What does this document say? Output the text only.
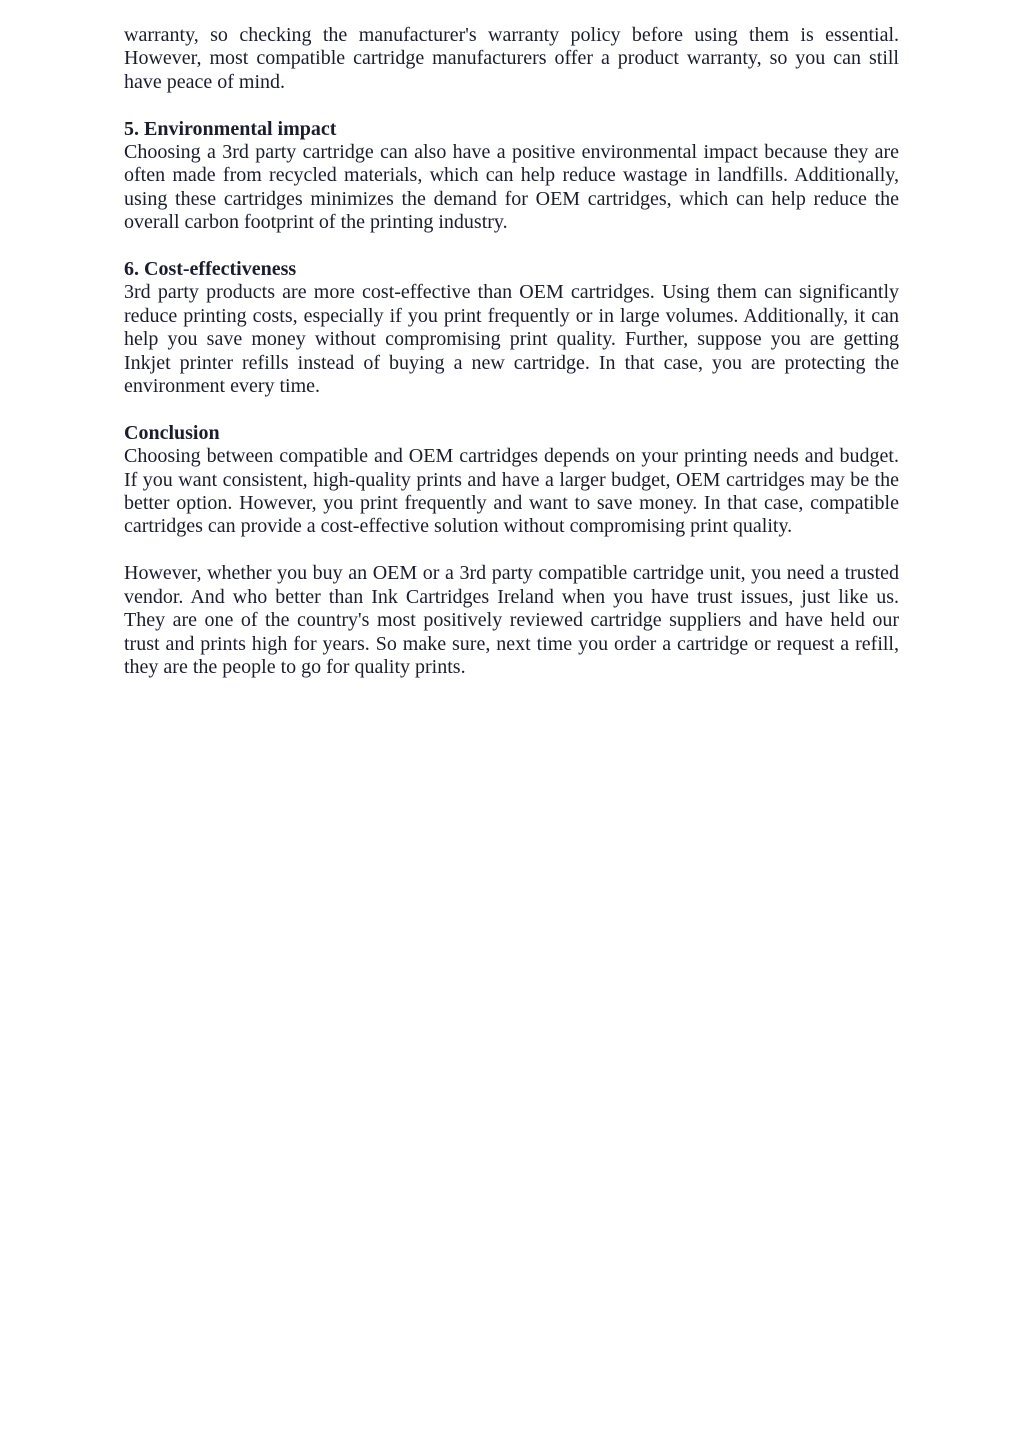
warranty, so checking the manufacturer's warranty policy before using them is essential. However, most compatible cartridge manufacturers offer a product warranty, so you can still have peace of mind.

5. Environmental impact

Choosing a 3rd party cartridge can also have a positive environmental impact because they are often made from recycled materials, which can help reduce wastage in landfills. Additionally, using these cartridges minimizes the demand for OEM cartridges, which can help reduce the overall carbon footprint of the printing industry.

6. Cost-effectiveness

3rd party products are more cost-effective than OEM cartridges. Using them can significantly reduce printing costs, especially if you print frequently or in large volumes. Additionally, it can help you save money without compromising print quality. Further, suppose you are getting Inkjet printer refills instead of buying a new cartridge. In that case, you are protecting the environment every time.

Conclusion

Choosing between compatible and OEM cartridges depends on your printing needs and budget. If you want consistent, high-quality prints and have a larger budget, OEM cartridges may be the better option. However, you print frequently and want to save money. In that case, compatible cartridges can provide a cost-effective solution without compromising print quality.

However, whether you buy an OEM or a 3rd party compatible cartridge unit, you need a trusted vendor. And who better than Ink Cartridges Ireland when you have trust issues, just like us. They are one of the country's most positively reviewed cartridge suppliers and have held our trust and prints high for years. So make sure, next time you order a cartridge or request a refill, they are the people to go for quality prints.
